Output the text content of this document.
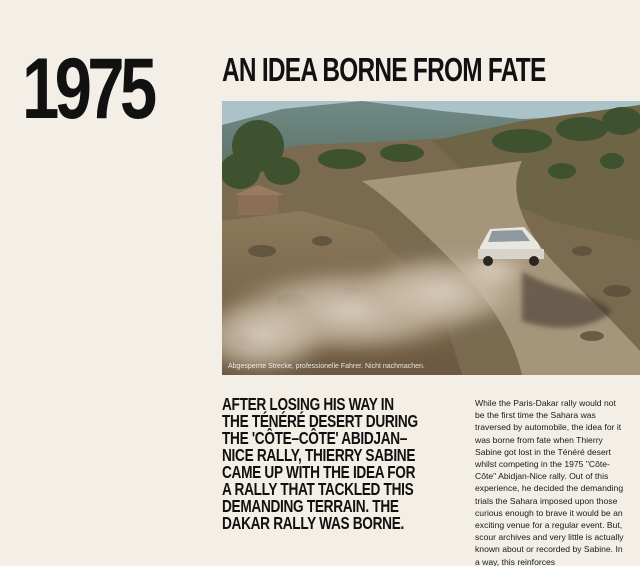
1975 AN IDEA BORNE FROM FATE
Abgesperrte Strecke, professionelle Fahrer. Nicht nachmachen.
AFTER LOSING HIS WAY IN THE TÉNÉRÉ DESERT DURING THE 'CÔTE–CÔTE' ABIDJAN–NICE RALLY, THIERRY SABINE CAME UP WITH THE IDEA FOR A RALLY THAT TACKLED THIS DEMANDING TERRAIN. THE DAKAR RALLY WAS BORNE.
While the Paris-Dakar rally would not be the first time the Sahara was traversed by automobile, the idea for it was borne from fate when Thierry Sabine got lost in the Ténéré desert whilst competing in the 1975 "Côte-Côte" Abidjan-Nice rally. Out of this experience, he decided the demanding trials the Sahara imposed upon those curious enough to brave it would be an exciting venue for a regular event. But, scour archives and very little is actually known about or recorded by Sabine. In a way, this reinforces
